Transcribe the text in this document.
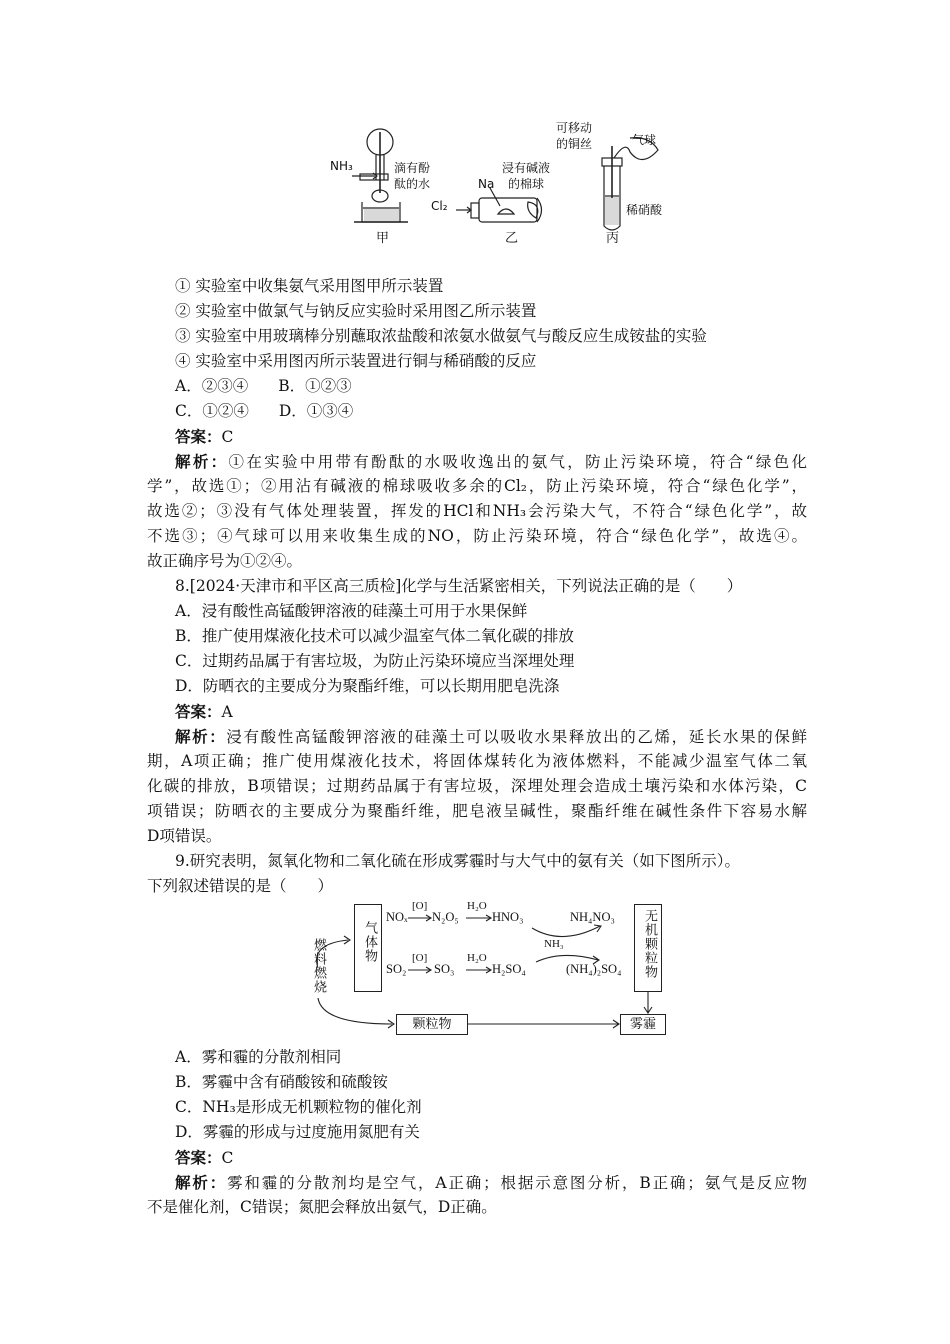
NH₃	滴有酚
酞的水
甲
浸有碱液
的棉球
Na
Cl₂
乙
可移动
的铜丝	气球
稀硝酸
丙
① 实验室中收集氨气采用图甲所示装置
② 实验室中做氯气与钠反应实验时采用图乙所示装置
③ 实验室中用玻璃棒分别蘸取浓盐酸和浓氨水做氨气与酸反应生成铵盐的实验
④ 实验室中采用图丙所示装置进行铜与稀硝酸的反应
A．②③④ B．①②③
C．①②④ D．①③④
答案：C
解析：①在实验中用带有酚酞的水吸收逸出的氨气，防止污染环境，符合“绿色化
学”，故选①；②用沾有碱液的棉球吸收多余的Cl₂，防止污染环境，符合“绿色化学”，
故选②；③没有气体处理装置，挥发的HCl和NH₃会污染大气，不符合“绿色化学”，故
不选③；④气球可以用来收集生成的NO，防止污染环境，符合“绿色化学”，故选④。
故正确序号为①②④。
8.[2024·天津市和平区高三质检]化学与生活紧密相关，下列说法正确的是（　　）
A．浸有酸性高锰酸钾溶液的硅藻土可用于水果保鲜
B．推广使用煤液化技术可以减少温室气体二氧化碳的排放
C．过期药品属于有害垃圾，为防止污染环境应当深埋处理
D．防晒衣的主要成分为聚酯纤维，可以长期用肥皂洗涤
答案：A
解析：浸有酸性高锰酸钾溶液的硅藻土可以吸收水果释放出的乙烯，延长水果的保鲜
期，A项正确；推广使用煤液化技术，将固体煤转化为液体燃料，不能减少温室气体二氧
化碳的排放，B项错误；过期药品属于有害垃圾，深埋处理会造成土壤污染和水体污染，C
项错误；防晒衣的主要成分为聚酯纤维，肥皂液呈碱性，聚酯纤维在碱性条件下容易水解
D项错误。
9.研究表明，氮氧化物和二氧化硫在形成雾霾时与大气中的氨有关（如下图所示）。
下列叙述错误的是（　　）
气体物	无机颗粒物
燃料燃烧
颗粒物	雾霾
NOₓ
[O]
N₂O₅
H₂O
HNO₃	NH₄NO₃
NH₃
SO₂
[O]
SO₃
H₂O
H₂SO₄	(NH₄)₂SO₄
A．雾和霾的分散剂相同
B．雾霾中含有硝酸铵和硫酸铵
C．NH₃是形成无机颗粒物的催化剂
D．雾霾的形成与过度施用氮肥有关
答案：C
解析：雾和霾的分散剂均是空气，A正确；根据示意图分析，B正确；氨气是反应物
不是催化剂，C错误；氮肥会释放出氨气，D正确。
